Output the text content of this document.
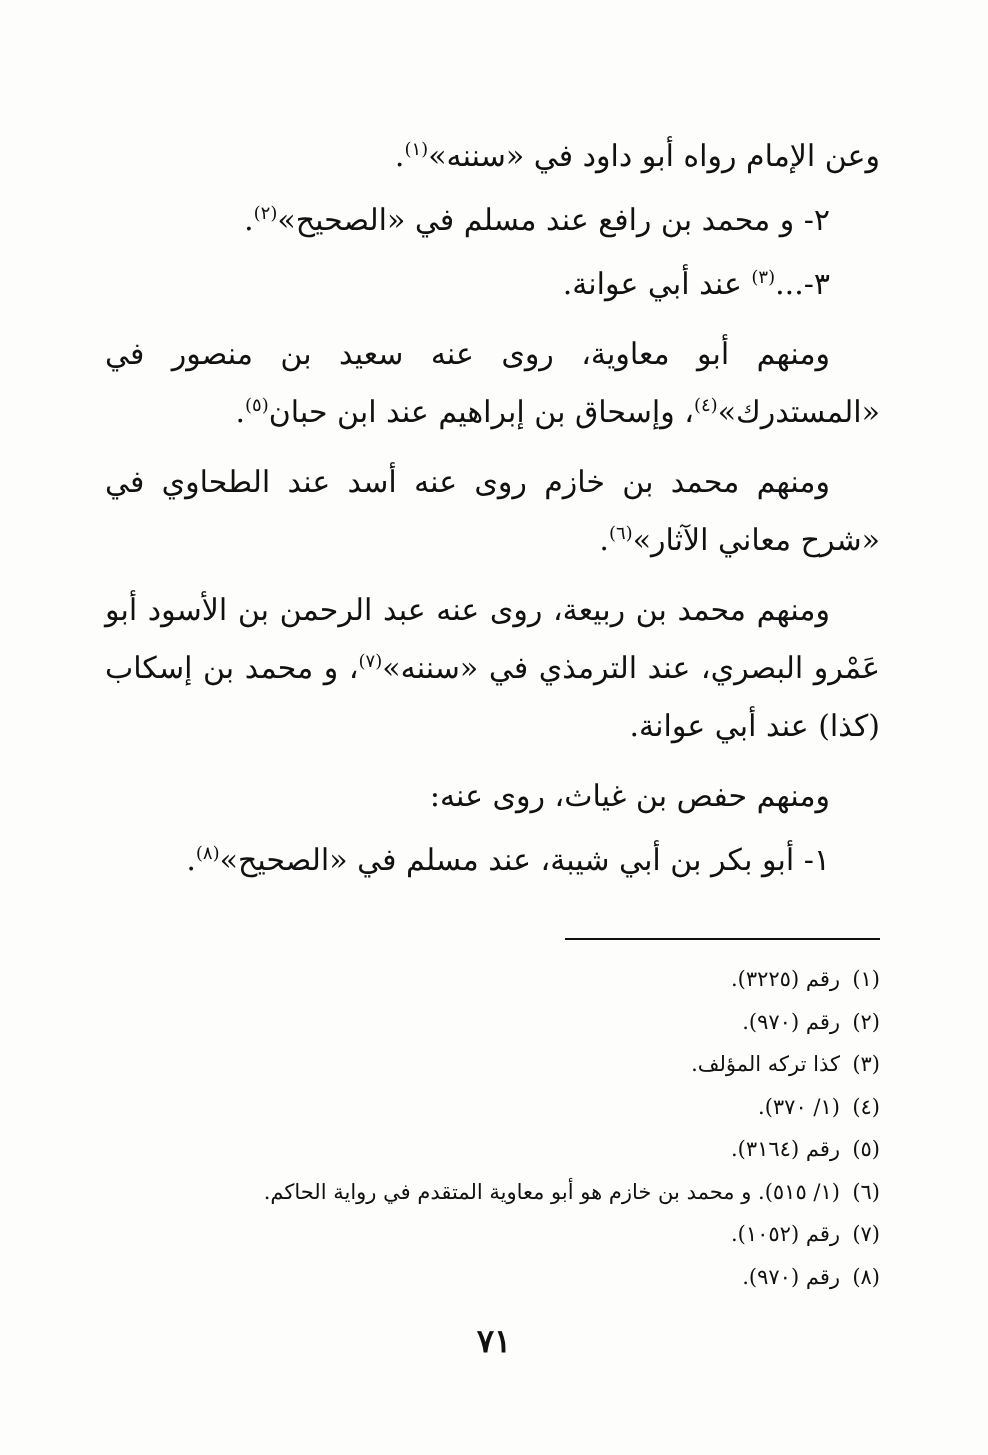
وعن الإمام رواه أبو داود في «سننه»$^{(١)}$.

٢- و محمد بن رافع عند مسلم في «الصحيح»$^{(٢)}$.

٣-...$^{(٣)}$ عند أبي عوانة.

ومنهم أبو معاوية، روى عنه سعيد بن منصور في «المستدرك»$^{(٤)}$، وإسحاق بن إبراهيم عند ابن حبان$^{(٥)}$.

ومنهم محمد بن خازم روى عنه أسد عند الطحاوي في «شرح معاني الآثار»$^{(٦)}$.

ومنهم محمد بن ربيعة، روى عنه عبد الرحمن بن الأسود أبو عَمْرو البصري، عند الترمذي في «سننه»$^{(٧)}$، و محمد بن إسكاب (كذا) عند أبي عوانة.

ومنهم حفص بن غياث، روى عنه:

١- أبو بكر بن أبي شيبة، عند مسلم في «الصحيح»$^{(٨)}$.

(١)رقم (٣٢٢٥).
(٢)رقم (٩٧٠).
(٣)كذا تركه المؤلف.
(٤)(١/ ٣٧٠).
(٥)رقم (٣١٦٤).
(٦)(١/ ٥١٥). و محمد بن خازم هو أبو معاوية المتقدم في رواية الحاكم.
(٧)رقم (١٠٥٢).
(٨)رقم (٩٧٠).
٧١
